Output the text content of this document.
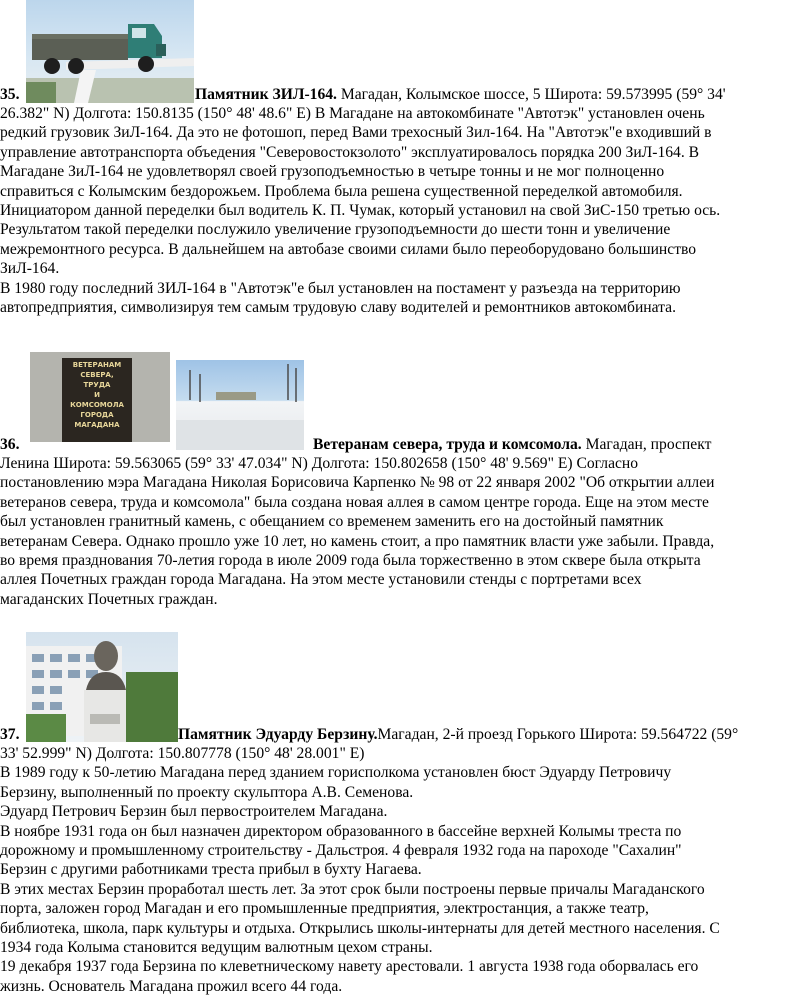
35.	Памятник ЗИЛ-164. Магадан, Колымское шоссе, 5 Широта: 59.573995 (59° 34'
26.382" N) Долгота: 150.8135 (150° 48' 48.6" E) В Магадане на автокомбинате "Автотэк" установлен очень
редкий грузовик ЗиЛ-164. Да это не фотошоп, перед Вами трехосный Зил-164. На "Автотэк"е входивший в
управление автотранспорта объедения "Северовостокзолото" эксплуатировалось порядка 200 ЗиЛ-164. В
Магадане ЗиЛ-164 не удовлетворял своей грузоподъемностью в четыре тонны и не мог полноценно
справиться с Колымским бездорожьем. Проблема была решена существенной переделкой автомобиля.
Инициатором данной переделки был водитель К. П. Чумак, который установил на свой ЗиС-150 третью ось.
Результатом такой переделки послужило увеличение грузоподъемности до шести тонн и увеличение
межремонтного ресурса. В дальнейшем на автобазе своими силами было переоборудовано большинство
ЗиЛ-164.
В 1980 году последний ЗИЛ-164 в "Автотэк"е был установлен на постамент у разъезда на территорию
автопредприятия, символизируя тем самым трудовую славу водителей и ремонтников автокомбината.
36.
ВЕТЕРАНАМ
СЕВЕРА,
ТРУДА
И
КОМСОМОЛА
ГОРОДА
МАГАДАНА
Ветеранам севера, труда и комсомола. Магадан, проспект
Ленина Широта: 59.563065 (59° 33' 47.034" N) Долгота: 150.802658 (150° 48' 9.569" E) Согласно
постановлению мэра Магадана Николая Борисовича Карпенко № 98 от 22 января 2002 "Об открытии аллеи
ветеранов севера, труда и комсомола" была создана новая аллея в самом центре города. Еще на этом месте
был установлен гранитный камень, с обещанием со временем заменить его на достойный памятник
ветеранам Севера. Однако прошло уже 10 лет, но камень стоит, а про памятник власти уже забыли. Правда,
во время празднования 70-летия города в июле 2009 года была торжественно в этом сквере была открыта
аллея Почетных граждан города Магадана. На этом месте установили стенды с портретами всех
магаданских Почетных граждан.
37.	Памятник Эдуарду Берзину.Магадан, 2-й проезд Горького Широта: 59.564722 (59°
33' 52.999" N) Долгота: 150.807778 (150° 48' 28.001" E)
В 1989 году к 50-летию Магадана перед зданием горисполкома установлен бюст Эдуарду Петровичу
Берзину, выполненный по проекту скульптора А.В. Семенова.
Эдуард Петрович Берзин был первостроителем Магадана.
В ноябре 1931 года он был назначен директором образованного в бассейне верхней Колымы треста по
дорожному и промышленному строительству - Дальстроя. 4 февраля 1932 года на пароходе "Сахалин"
Берзин с другими работниками треста прибыл в бухту Нагаева.
В этих местах Берзин проработал шесть лет. За этот срок были построены первые причалы Магаданского
порта, заложен город Магадан и его промышленные предприятия, электростанция, а также театр,
библиотека, школа, парк культуры и отдыха. Открылись школы-интернаты для детей местного населения. С
1934 года Колыма становится ведущим валютным цехом страны.
19 декабря 1937 года Берзина по клеветническому навету арестовали. 1 августа 1938 года оборвалась его
жизнь. Основатель Магадана прожил всего 44 года.
